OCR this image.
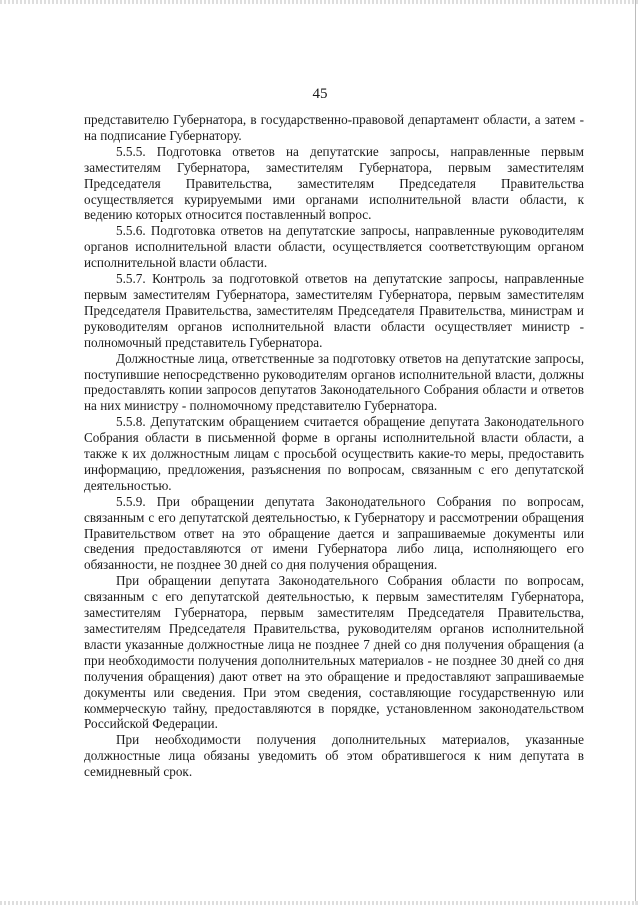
45

представителю Губернатора, в государственно-правовой департамент области, а затем - на подписание Губернатору.

5.5.5. Подготовка ответов на депутатские запросы, направленные первым заместителям Губернатора, заместителям Губернатора, первым заместителям Председателя Правительства, заместителям Председателя Правительства осуществляется курируемыми ими органами исполнительной власти области, к ведению которых относится поставленный вопрос.

5.5.6. Подготовка ответов на депутатские запросы, направленные руководителям органов исполнительной власти области, осуществляется соответствующим органом исполнительной власти области.

5.5.7. Контроль за подготовкой ответов на депутатские запросы, направленные первым заместителям Губернатора, заместителям Губернатора, первым заместителям Председателя Правительства, заместителям Председателя Правительства, министрам и руководителям органов исполнительной власти области осуществляет министр - полномочный представитель Губернатора.

Должностные лица, ответственные за подготовку ответов на депутатские запросы, поступившие непосредственно руководителям органов исполнительной власти, должны предоставлять копии запросов депутатов Законодательного Собрания области и ответов на них министру - полномочному представителю Губернатора.

5.5.8. Депутатским обращением считается обращение депутата Законодательного Собрания области в письменной форме в органы исполнительной власти области, а также к их должностным лицам с просьбой осуществить какие-то меры, предоставить информацию, предложения, разъяснения по вопросам, связанным с его депутатской деятельностью.

5.5.9. При обращении депутата Законодательного Собрания по вопросам, связанным с его депутатской деятельностью, к Губернатору и рассмотрении обращения Правительством ответ на это обращение дается и запрашиваемые документы или сведения предоставляются от имени Губернатора либо лица, исполняющего его обязанности, не позднее 30 дней со дня получения обращения.

При обращении депутата Законодательного Собрания области по вопросам, связанным с его депутатской деятельностью, к первым заместителям Губернатора, заместителям Губернатора, первым заместителям Председателя Правительства, заместителям Председателя Правительства, руководителям органов исполнительной власти указанные должностные лица не позднее 7 дней со дня получения обращения (а при необходимости получения дополнительных материалов - не позднее 30 дней со дня получения обращения) дают ответ на это обращение и предоставляют запрашиваемые документы или сведения. При этом сведения, составляющие государственную или коммерческую тайну, предоставляются в порядке, установленном законодательством Российской Федерации.

При необходимости получения дополнительных материалов, указанные должностные лица обязаны уведомить об этом обратившегося к ним депутата в семидневный срок.
